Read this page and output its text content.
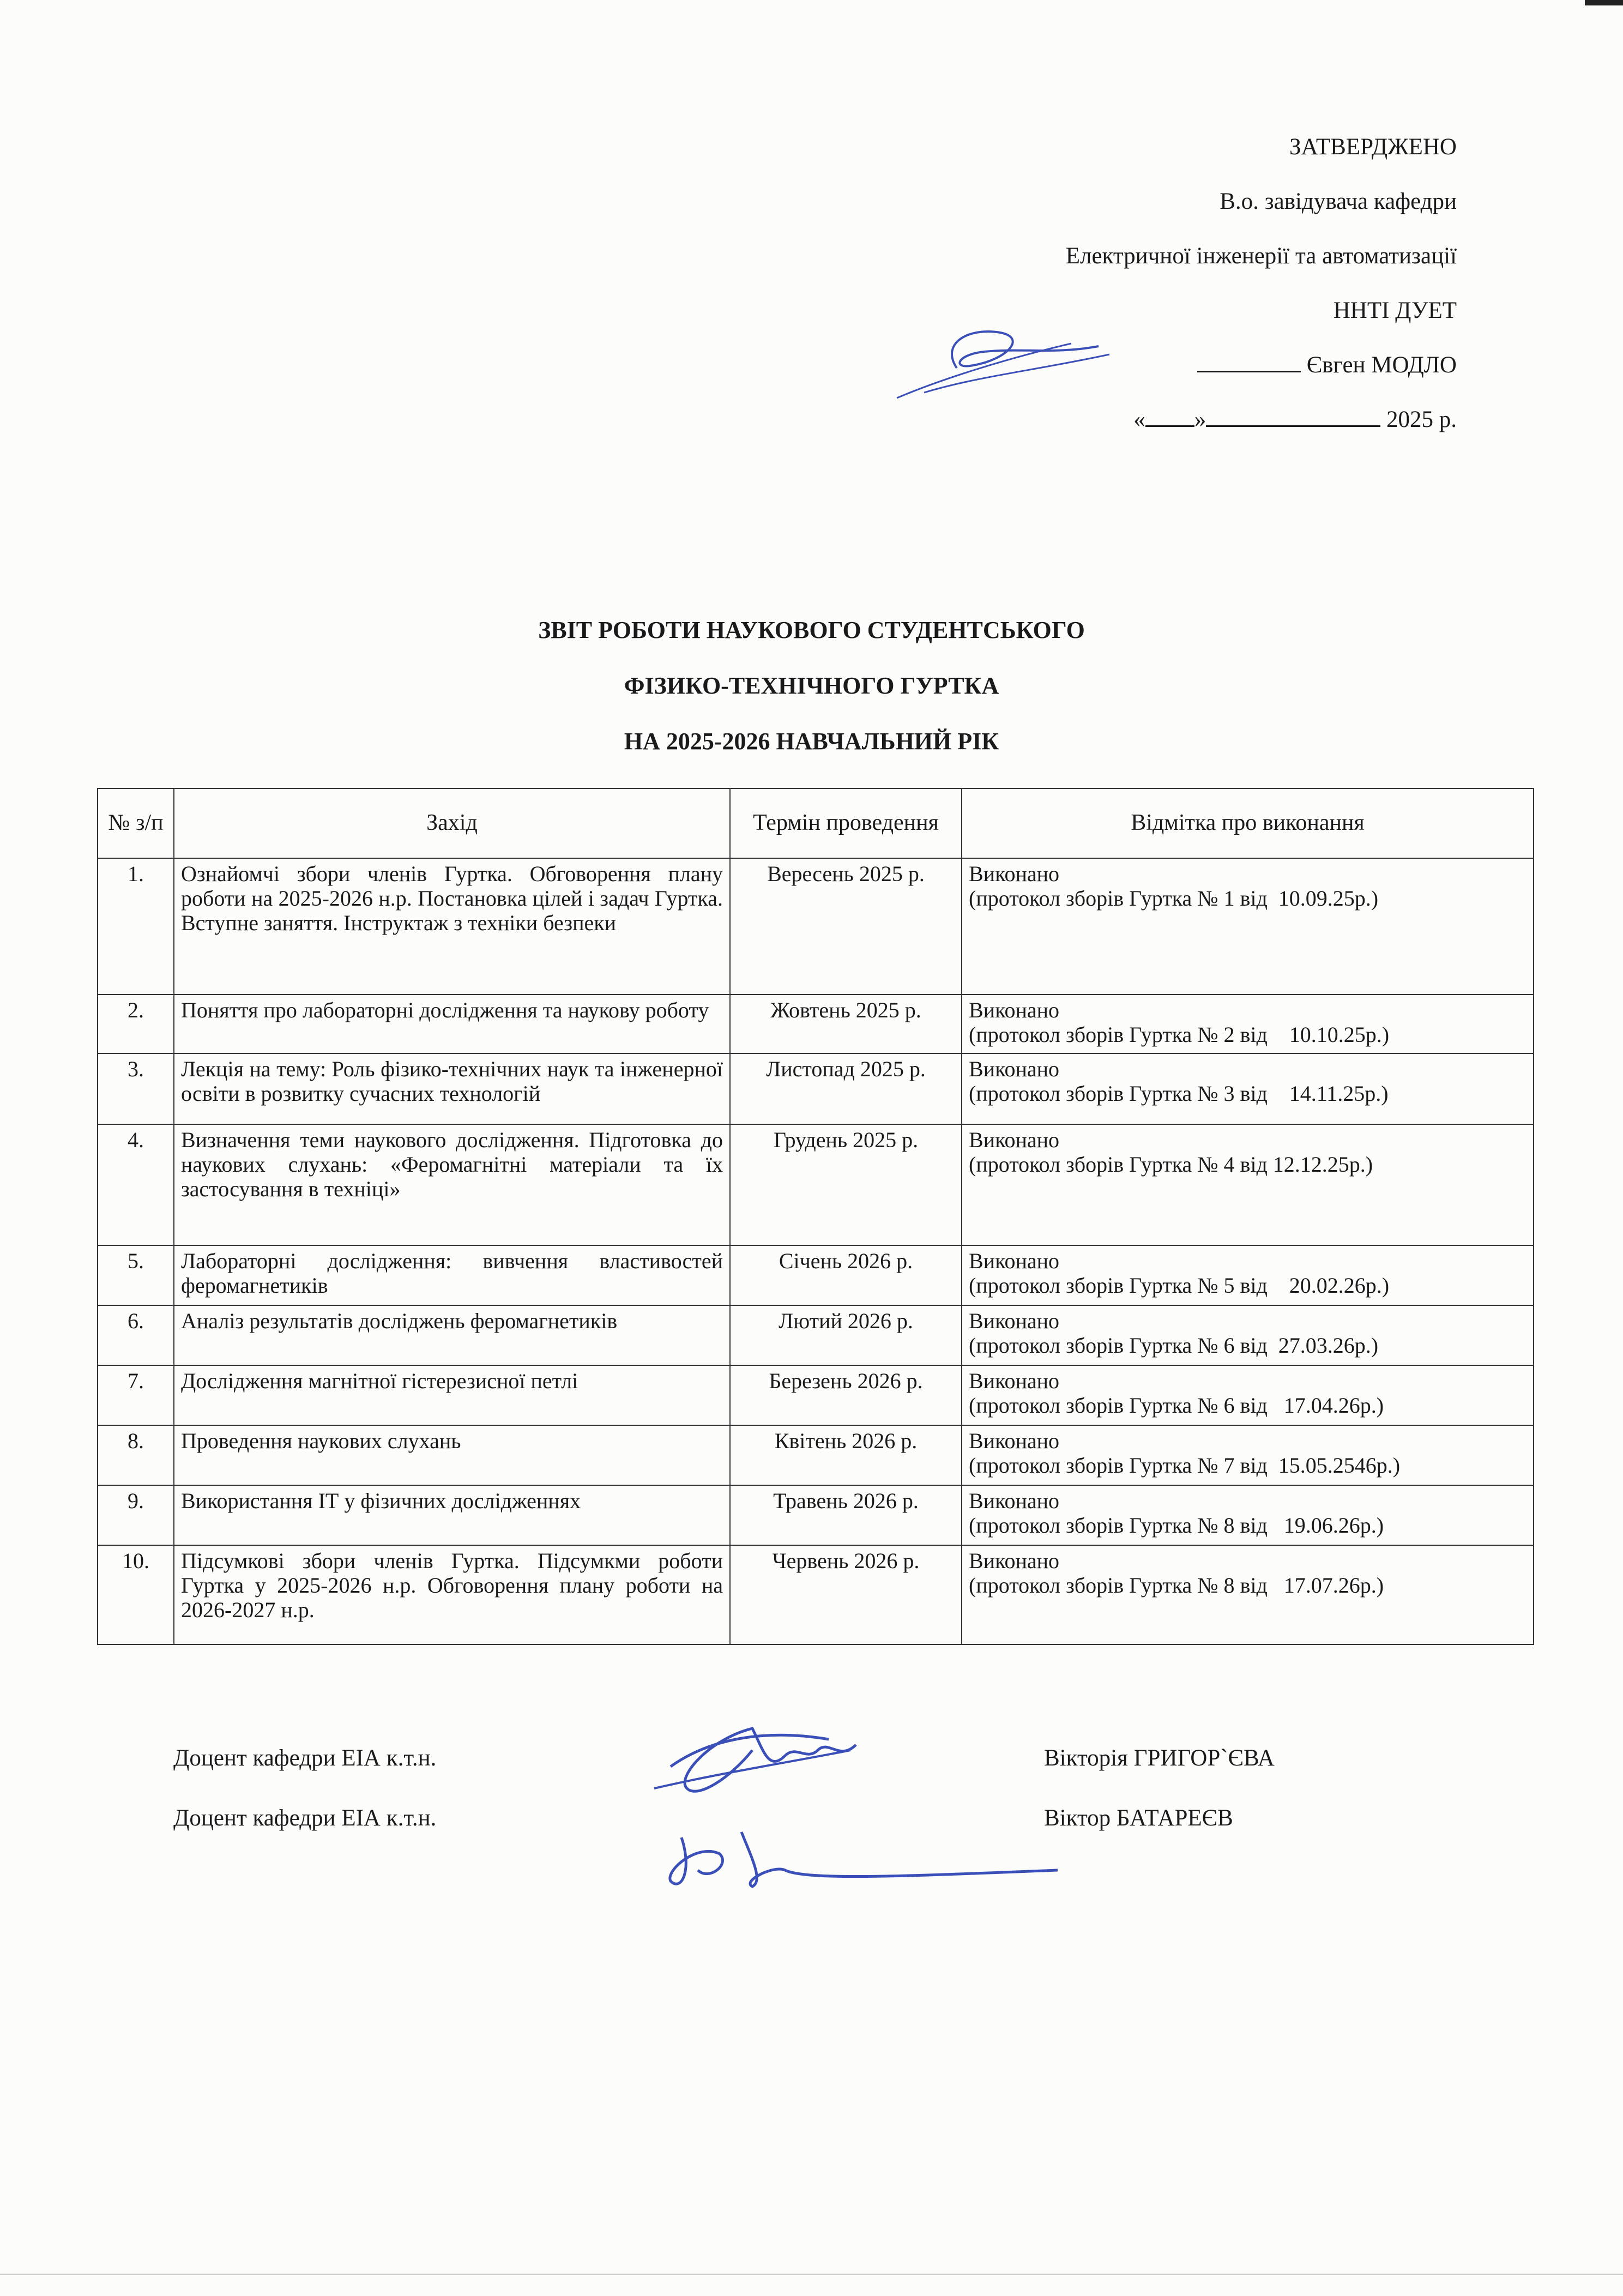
ЗАТВЕРДЖЕНО
В.о. завідувача кафедри
Електричної інженерії та автоматизації
ННТІ ДУЕТ
Євген МОДЛО
« »	2025 р.
ЗВІТ РОБОТИ НАУКОВОГО СТУДЕНТСЬКОГО
ФІЗИКО-ТЕХНІЧНОГО ГУРТКА
НА 2025-2026 НАВЧАЛЬНИЙ РІК
№ з/п	Захід	Термін проведення	Відмітка про виконання
1.	Ознайомчі збори членів Гуртка. Обговорення плану роботи на 2025-2026 н.р. Постановка цілей і задач Гуртка. Вступне заняття. Інструктаж з техніки безпеки	Вересень 2025 р.	Виконано
(протокол зборів Гуртка № 1 від  10.09.25р.)

2.	Поняття про лабораторні дослідження та наукову роботу	Жовтень 2025 р.	Виконано
(протокол зборів Гуртка № 2 від    10.10.25р.)

3.	Лекція на тему: Роль фізико-технічних наук та інженерної освіти в розвитку сучасних технологій	Листопад 2025 р.	Виконано
(протокол зборів Гуртка № 3 від    14.11.25р.)

4.	Визначення теми наукового дослідження. Підготовка до наукових слухань: «Феромагнітні матеріали та їх застосування в техніці»	Грудень 2025 р.	Виконано
(протокол зборів Гуртка № 4 від 12.12.25р.)

5.	Лабораторні дослідження: вивчення властивостей феромагнетиків	Січень 2026 р.	Виконано
(протокол зборів Гуртка № 5 від    20.02.26р.)

6.	Аналіз результатів досліджень феромагнетиків	Лютий 2026 р.	Виконано
(протокол зборів Гуртка № 6 від  27.03.26р.)

7.	Дослідження магнітної гістерезисної петлі	Березень 2026 р.	Виконано
(протокол зборів Гуртка № 6 від   17.04.26р.)

8.	Проведення наукових слухань	Квітень 2026 р.	Виконано
(протокол зборів Гуртка № 7 від  15.05.2546р.)

9.	Використання ІТ у фізичних дослідженнях	Травень 2026 р.	Виконано
(протокол зборів Гуртка № 8 від   19.06.26р.)

10.	Підсумкові збори членів Гуртка. Підсумкми роботи Гуртка у 2025-2026 н.р. Обговорення плану роботи на 2026-2027 н.р.	Червень 2026 р.	Виконано
(протокол зборів Гуртка № 8 від   17.07.26р.)
Доцент кафедри ЕІА к.т.н.	Вікторія ГРИГОР`ЄВА
Доцент кафедри ЕІА к.т.н.	Віктор БАТАРЕЄВ
